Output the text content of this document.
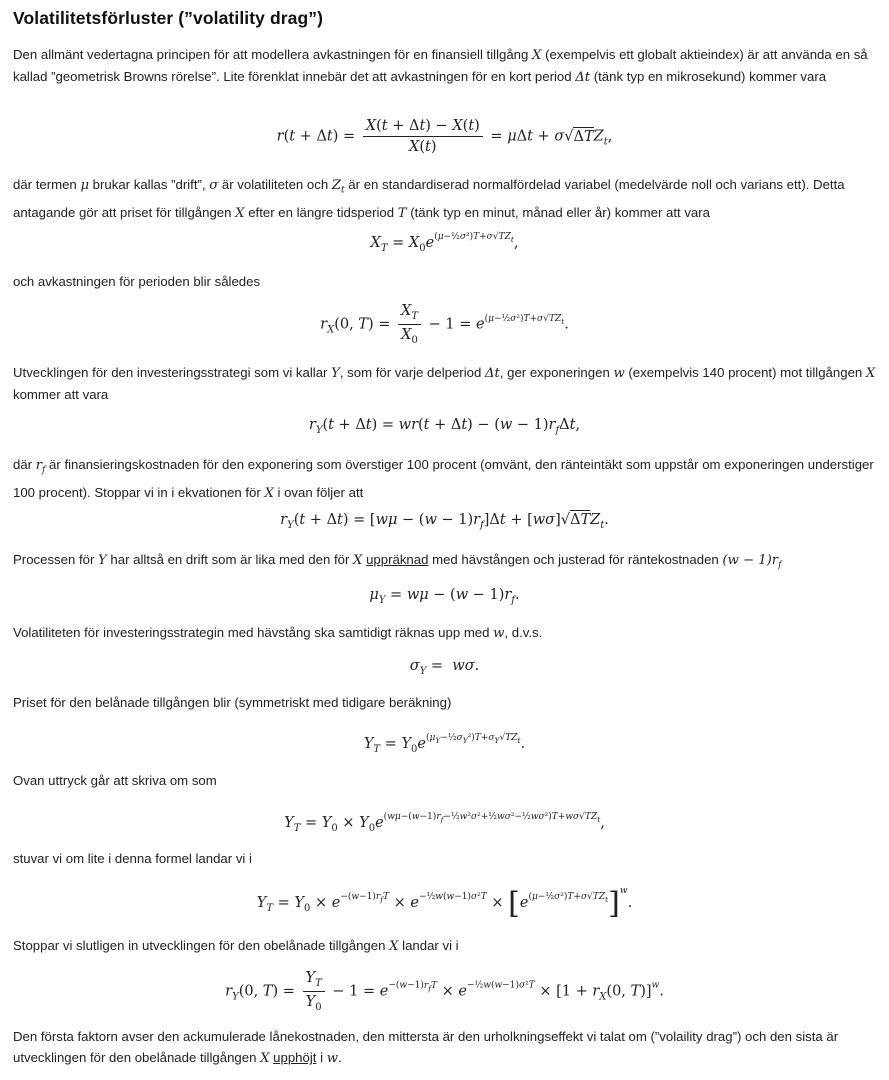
Volatilitetsförluster (”volatility drag”)

Den allmänt vedertagna principen för att modellera avkastningen för en finansiell tillgång X (exempelvis ett globalt aktieindex) är att använda en så kallad ”geometrisk Browns rörelse”. Lite förenklat innebär det att avkastningen för en kort period Δt (tänk typ en mikrosekund) kommer vara

$r(t + \Delta t) = \frac{X(t + \Delta t) - X(t)}{X(t)} = \mu\Delta t + \sigma√\Delta TZ_t$,

där termen μ brukar kallas ”drift”, σ är volatiliteten och $Z_t$ är en standardiserad normalfördelad variabel (medelvärde noll och varians ett). Detta antagande gör att priset för tillgången X efter en längre tidsperiod T (tänk typ en minut, månad eller år) kommer att vara

$X_T = X_0e^{(\mu-\frac{1}{2}\sigma^2)T+\sigma√TZ_t}$,

och avkastningen för perioden blir således

$r_X(0$, $T) = \frac{X_T}{X_0} - 1 = e^{(\mu-\frac{1}{2}\sigma^2)T+\sigma√TZ_t}$.

Utvecklingen för den investeringsstrategi som vi kallar Y, som för varje delperiod Δt, ger exponeringen w (exempelvis 140 procent) mot tillgången X kommer att vara

$r_Y(t + \Delta t) = wr(t + \Delta t) - (w - 1)r_f\Delta t$,

där $r_f$ är finansieringskostnaden för den exponering som överstiger 100 procent (omvänt, den ränteintäkt som uppstår om exponeringen understiger 100 procent). Stoppar vi in i ekvationen för X i ovan följer att

$r_Y(t + \Delta t) = [w\mu - (w - 1)r_f]\Delta t + [w\sigma]√\Delta TZ_t$.

Processen för Y har alltså en drift som är lika med den för X uppräknad med hävstången och justerad för räntekostnaden $(w - 1)r_f$

$\mu_Y = w\mu - (w - 1)r_f$.

Volatiliteten för investeringsstrategin med hävstång ska samtidigt räknas upp med w, d.v.s.

$\sigma_Y = w\sigma$.

Priset för den belånade tillgången blir (symmetriskt med tidigare beräkning)

$Y_T = Y_0e^{(\mu_Y-\frac{1}{2}\sigma_Y^2)T+\sigma_Y√TZ_t}$.

Ovan uttryck går att skriva om som

$Y_T = Y_0 \times Y_0e^{(w\mu-(w-1)r_f-\frac{1}{2}w^2\sigma^2+\frac{1}{2}w\sigma^2-\frac{1}{2}w\sigma^2)T+w\sigma√TZ_t}$,

stuvar vi om lite i denna formel landar vi i

$Y_T = Y_0 \times e^{-(w-1)r_fT} \times e^{-\frac{1}{2}w(w-1)\sigma^2T} \times [e^{(\mu-\frac{1}{2}\sigma^2)T+\sigma√TZ_t}]^w$.

Stoppar vi slutligen in utvecklingen för den obelånade tillgången X landar vi i

$r_Y(0$, $T) = \frac{Y_T}{Y_0} - 1 = e^{-(w-1)r_fT} \times e^{-\frac{1}{2}w(w-1)\sigma^2T} \times [1 + r_X(0$, T)]$^w$.

Den första faktorn avser den ackumulerade lånekostnaden, den mittersta är den urholkningseffekt vi talat om (”volaility drag”) och den sista är utvecklingen för den obelånade tillgången X upphöjt i w.
